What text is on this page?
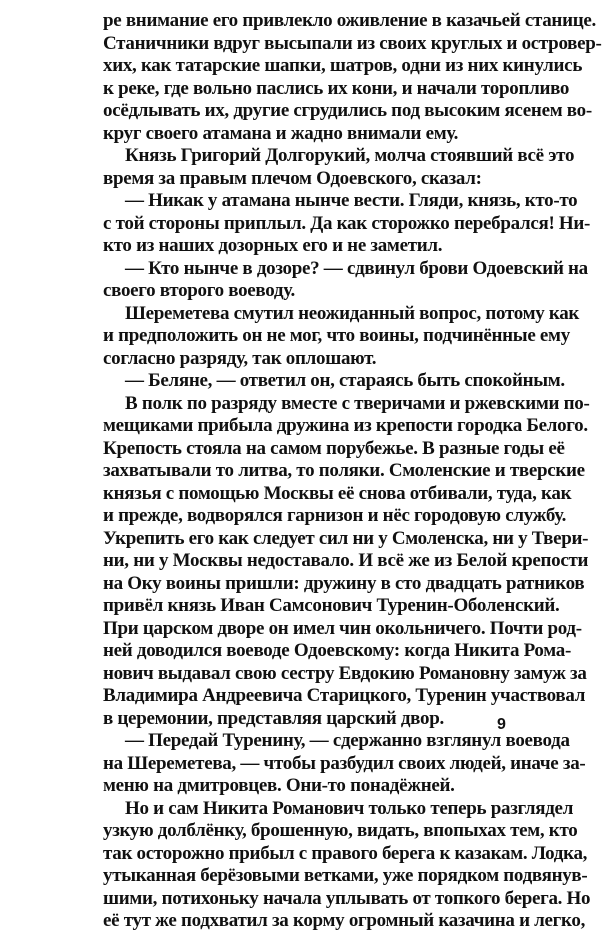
ре внимание его привлекло оживление в казачьей станице.
Станичники вдруг высыпали из своих круглых и островер-
хих, как татарские шапки, шатров, одни из них кинулись
к реке, где вольно паслись их кони, и начали торопливо
осёдлывать их, другие сгрудились под высоким ясенем во-
круг своего атамана и жадно внимали ему.
Князь Григорий Долгорукий, молча стоявший всё это
время за правым плечом Одоевского, сказал:
— Никак у атамана нынче вести. Гляди, князь, кто-то
с той стороны приплыл. Да как сторожко перебрался! Ни-
кто из наших дозорных его и не заметил.
— Кто нынче в дозоре? — сдвинул брови Одоевский на
своего второго воеводу.
Шереметева смутил неожиданный вопрос, потому как
и предположить он не мог, что воины, подчинённые ему
согласно разряду, так оплошают.
— Беляне, — ответил он, стараясь быть спокойным.
В полк по разряду вместе с тверичами и ржевскими по-
мещиками прибыла дружина из крепости городка Белого.
Крепость стояла на самом порубежье. В разные годы её
захватывали то литва, то поляки. Смоленские и тверские
князья с помощью Москвы её снова отбивали, туда, как
и прежде, водворялся гарнизон и нёс городовую службу.
Укрепить его как следует сил ни у Смоленска, ни у Твери-
ни, ни у Москвы недоставало. И всё же из Белой крепости
на Оку воины пришли: дружину в сто двадцать ратников
привёл князь Иван Самсонович Туренин-Оболенский.
При царском дворе он имел чин окольничего. Почти род-
ней доводился воеводе Одоевскому: когда Никита Рома-
нович выдавал свою сестру Евдокию Романовну замуж за
Владимира Андреевича Старицкого, Туренин участвовал
в церемонии, представляя царский двор.
— Передай Туренину, — сдержанно взглянул воевода
на Шереметева, — чтобы разбудил своих людей, иначе за-
меню на дмитровцев. Они-то понадёжней.
Но и сам Никита Романович только теперь разглядел
узкую долблёнку, брошенную, видать, впопыхах тем, кто
так осторожно прибыл с правого берега к казакам. Лодка,
утыканная берёзовыми ветками, уже порядком подвянув-
шими, потихоньку начала уплывать от топкого берега. Но
её тут же подхватил за корму огромный казачина и легко,
9
